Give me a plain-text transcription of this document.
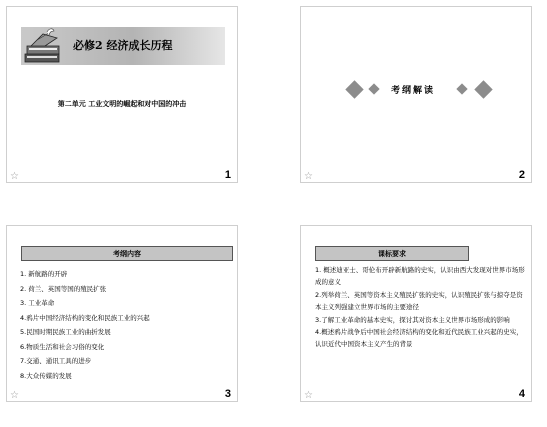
必修2 经济成长历程
第二单元 工业文明的崛起和对中国的冲击
☆	1
考纲解读
☆	2
考纲内容
1. 新航路的开辟
2. 荷兰、英国等国的殖民扩张
3. 工业革命
4.鸦片中国经济结构的变化和民族工业的兴起
5.民国时期民族工业的曲折发展
6.物质生活和社会习俗的变化
7.交通、通讯工具的进步
8.大众传媒的发展
☆	3
课标要求
1. 概述迪亚士、哥伦布开辟新航路的史实，认识由西大发现对世界市场形成的意义
2.列举荷兰、英国等资本主义殖民扩张的史实，认识殖民扩张与掠夺是资本主义列强建立世界市场的主要途径
3.了解工业革命的基本史实，探讨其对资本主义世界市场形成的影响
4.概述鸦片战争后中国社会经济结构的变化和近代民族工业兴起的史实，认识近代中国资本主义产生的背景
☆	4
